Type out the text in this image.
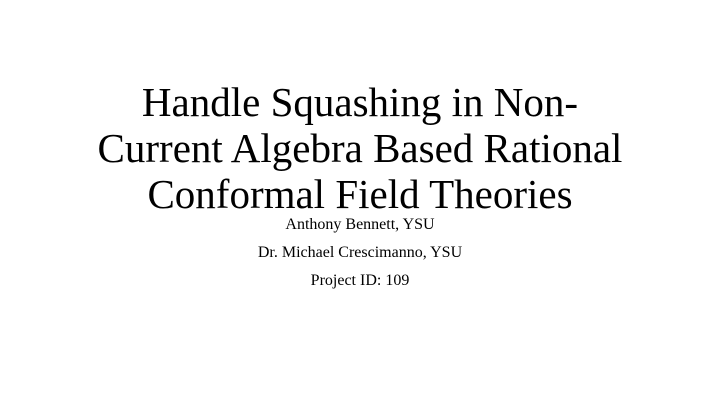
Handle Squashing in Non-
Current Algebra Based Rational
Conformal Field Theories
Anthony Bennett, YSU
Dr. Michael Crescimanno, YSU
Project ID: 109
